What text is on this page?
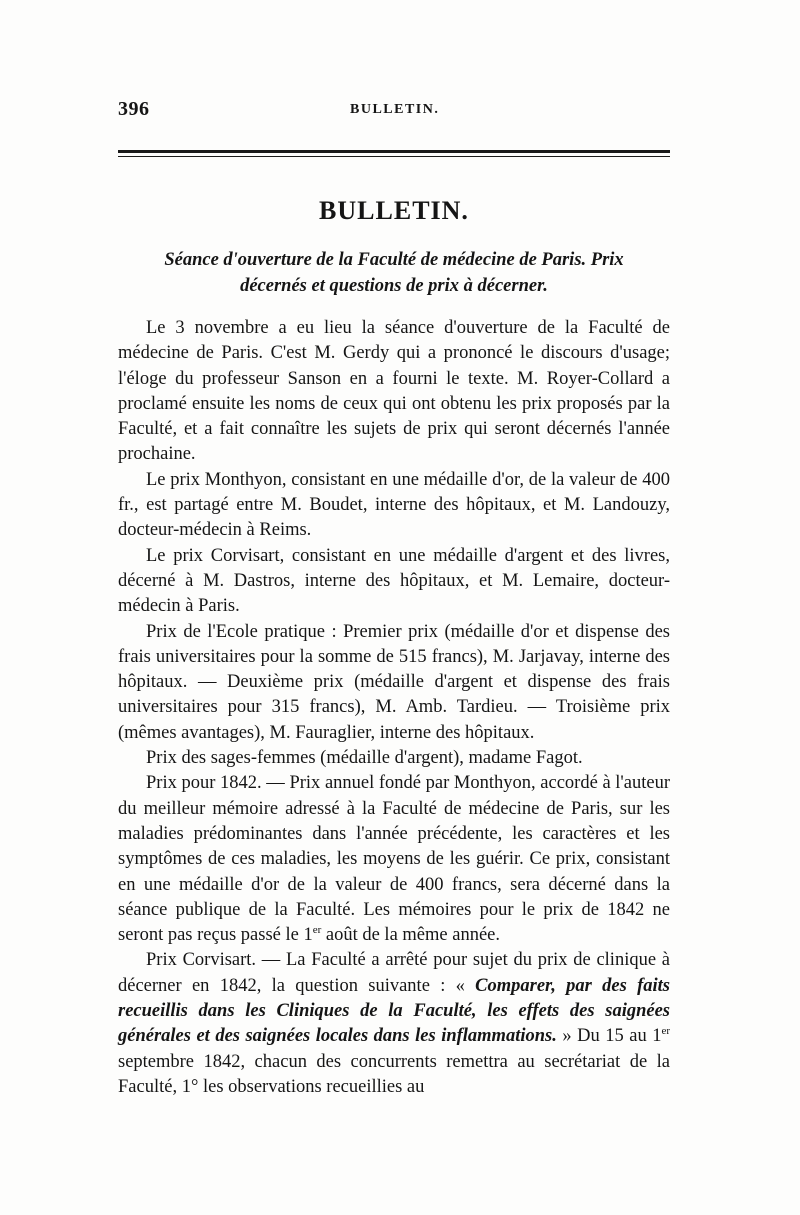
396	BULLETIN.
BULLETIN.
Séance d'ouverture de la Faculté de médecine de Paris. Prix
décernés et questions de prix à décerner.

Le 3 novembre a eu lieu la séance d'ouverture de la Faculté de médecine de Paris. C'est M. Gerdy qui a prononcé le discours d'usage; l'éloge du professeur Sanson en a fourni le texte. M. Royer-Collard a proclamé ensuite les noms de ceux qui ont obtenu les prix proposés par la Faculté, et a fait connaître les sujets de prix qui seront décernés l'année prochaine.

Le prix Monthyon, consistant en une médaille d'or, de la valeur de 400 fr., est partagé entre M. Boudet, interne des hôpitaux, et M. Landouzy, docteur-médecin à Reims.

Le prix Corvisart, consistant en une médaille d'argent et des livres, décerné à M. Dastros, interne des hôpitaux, et M. Lemaire, docteur-médecin à Paris.

Prix de l'Ecole pratique : Premier prix (médaille d'or et dispense des frais universitaires pour la somme de 515 francs), M. Jarjavay, interne des hôpitaux. — Deuxième prix (médaille d'argent et dispense des frais universitaires pour 315 francs), M. Amb. Tardieu. — Troisième prix (mêmes avantages), M. Fauraglier, interne des hôpitaux.

Prix des sages-femmes (médaille d'argent), madame Fagot.

Prix pour 1842. — Prix annuel fondé par Monthyon, accordé à l'auteur du meilleur mémoire adressé à la Faculté de médecine de Paris, sur les maladies prédominantes dans l'année précédente, les caractères et les symptômes de ces maladies, les moyens de les guérir. Ce prix, consistant en une médaille d'or de la valeur de 400 francs, sera décerné dans la séance publique de la Faculté. Les mémoires pour le prix de 1842 ne seront pas reçus passé le 1er août de la même année.

Prix Corvisart. — La Faculté a arrêté pour sujet du prix de clinique à décerner en 1842, la question suivante : « Comparer, par des faits recueillis dans les Cliniques de la Faculté, les effets des saignées générales et des saignées locales dans les inflammations. » Du 15 au 1er septembre 1842, chacun des concurrents remettra au secrétariat de la Faculté, 1° les observations recueillies au
